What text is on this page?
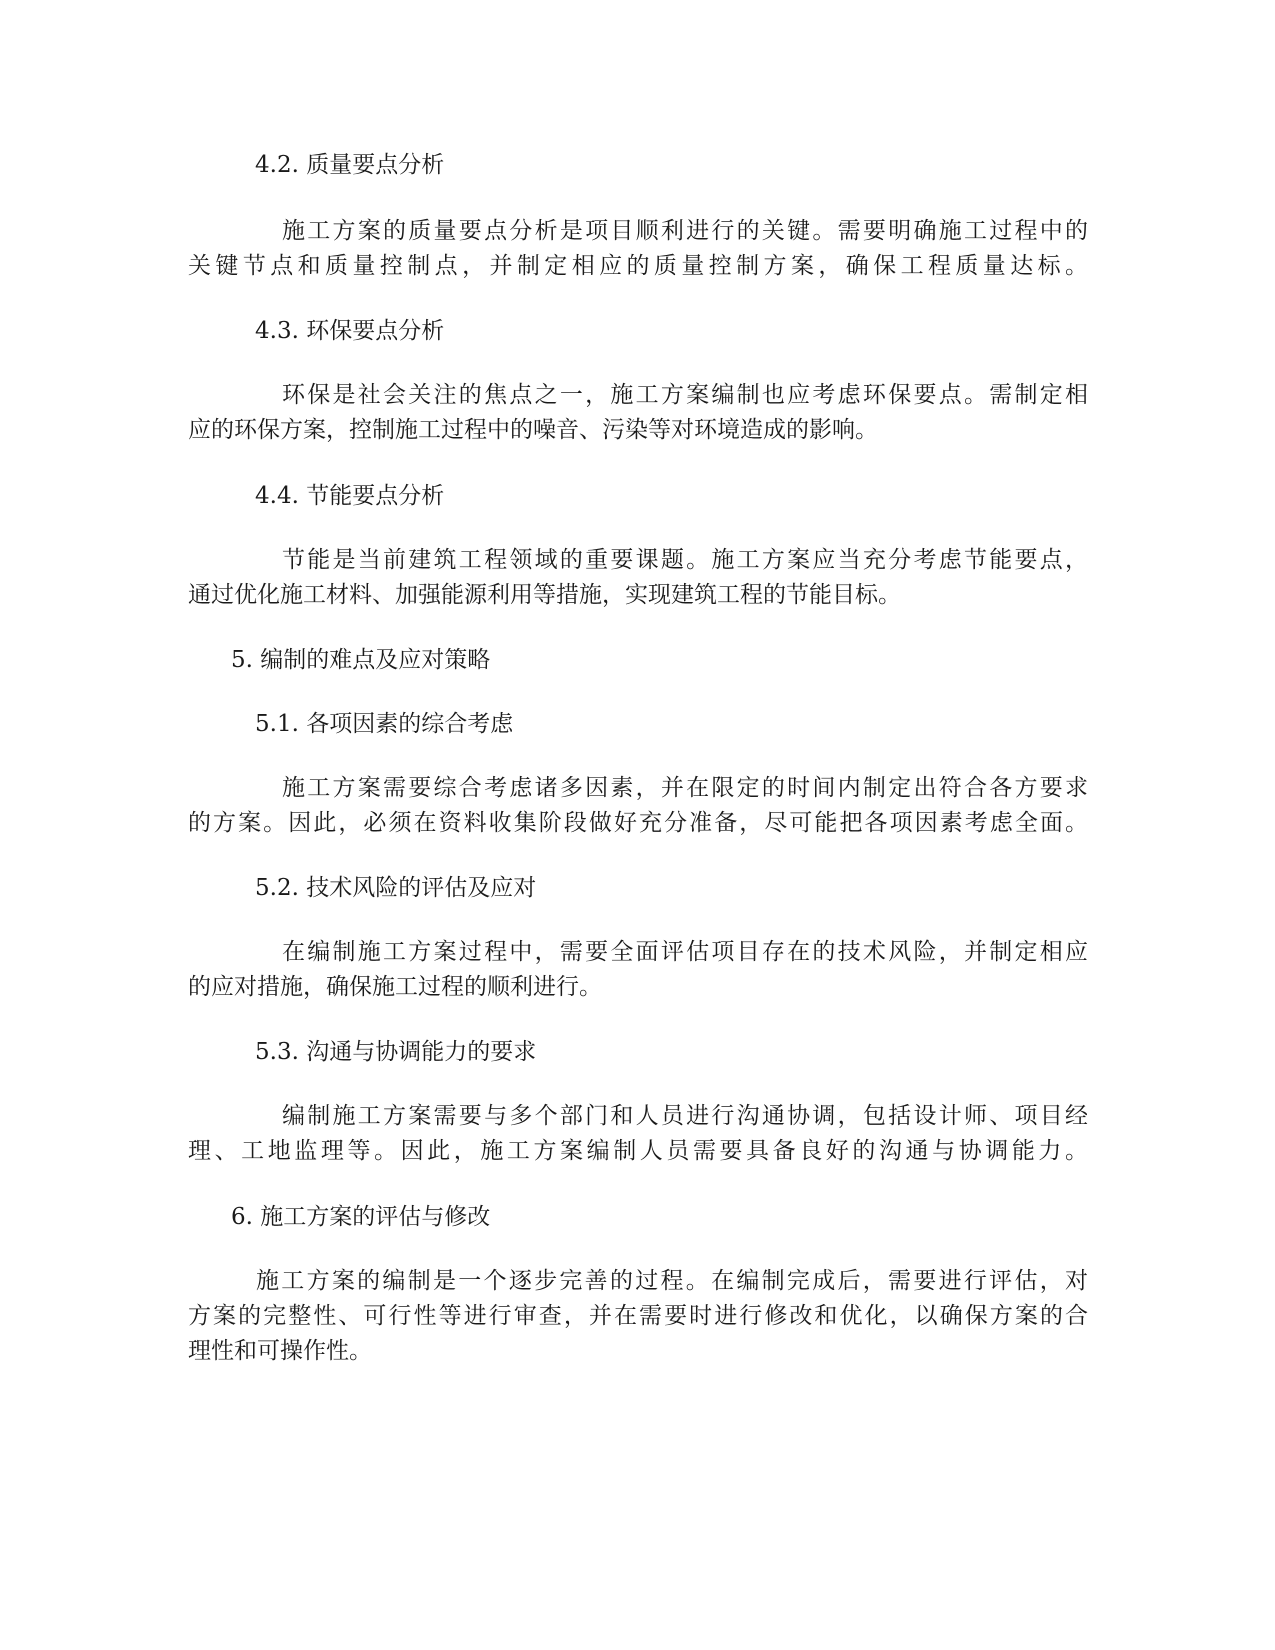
4.2. 质量要点分析
施工方案的质量要点分析是项目顺利进行的关键。需要明确施工过程中的
关键节点和质量控制点，并制定相应的质量控制方案，确保工程质量达标。
4.3. 环保要点分析
环保是社会关注的焦点之一，施工方案编制也应考虑环保要点。需制定相
应的环保方案，控制施工过程中的噪音、污染等对环境造成的影响。
4.4. 节能要点分析
节能是当前建筑工程领域的重要课题。施工方案应当充分考虑节能要点，
通过优化施工材料、加强能源利用等措施，实现建筑工程的节能目标。
5. 编制的难点及应对策略
5.1. 各项因素的综合考虑
施工方案需要综合考虑诸多因素，并在限定的时间内制定出符合各方要求
的方案。因此，必须在资料收集阶段做好充分准备，尽可能把各项因素考虑全面。
5.2. 技术风险的评估及应对
在编制施工方案过程中，需要全面评估项目存在的技术风险，并制定相应
的应对措施，确保施工过程的顺利进行。
5.3. 沟通与协调能力的要求
编制施工方案需要与多个部门和人员进行沟通协调，包括设计师、项目经
理、工地监理等。因此，施工方案编制人员需要具备良好的沟通与协调能力。
6. 施工方案的评估与修改
施工方案的编制是一个逐步完善的过程。在编制完成后，需要进行评估，对
方案的完整性、可行性等进行审查，并在需要时进行修改和优化，以确保方案的合
理性和可操作性。
